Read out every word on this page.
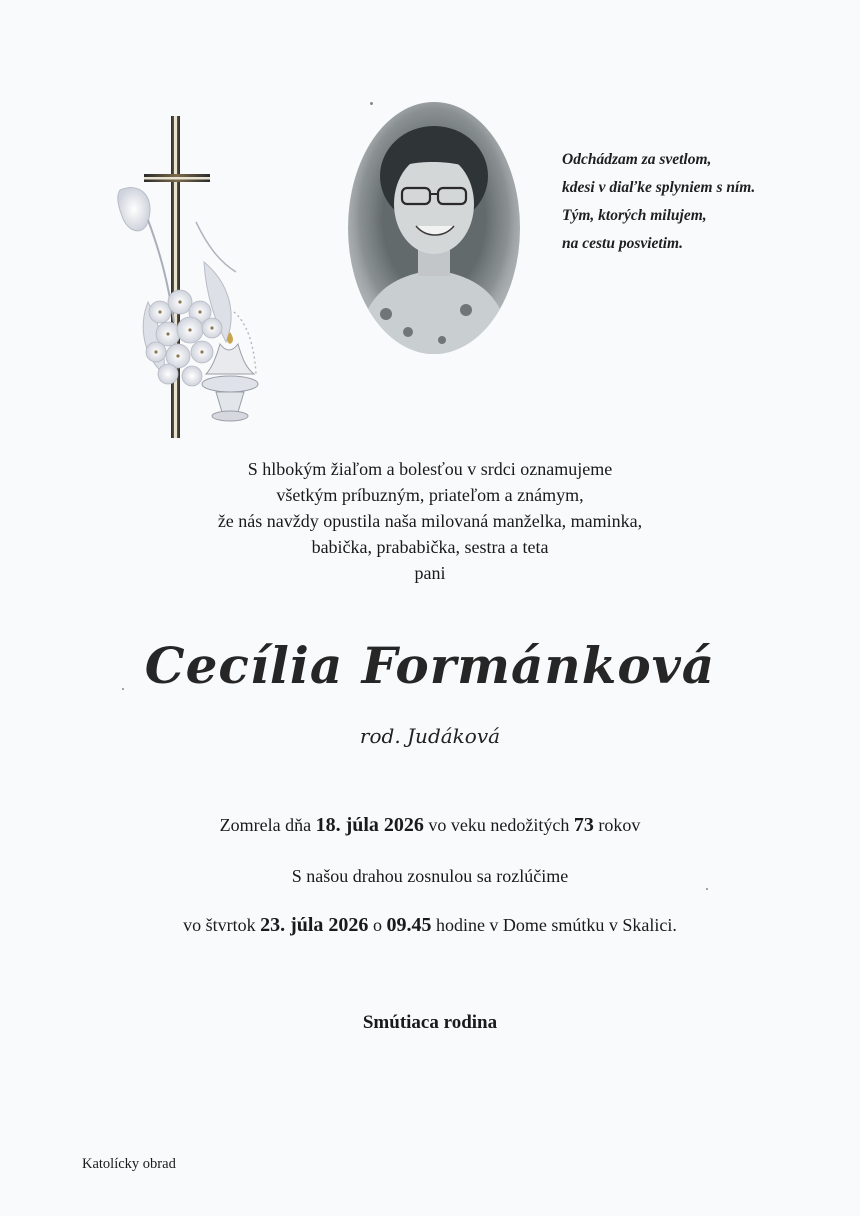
Odchádzam za svetlom,
kdesi v diaľke splyniem s ním.
Tým, ktorých milujem,
na cestu posvietim.
S hlbokým žiaľom a bolesťou v srdci oznamujeme
všetkým príbuzným, priateľom a známym,
že nás navždy opustila naša milovaná manželka, maminka,
babička, prababička, sestra a teta
pani
Cecília Formánková
rod. Judáková
Zomrela dňa 18. júla 2026 vo veku nedožitých 73 rokov
S našou drahou zosnulou sa rozlúčime
vo štvrtok 23. júla 2026 o 09.45 hodine v Dome smútku v Skalici.
Smútiaca rodina
Katolícky obrad
